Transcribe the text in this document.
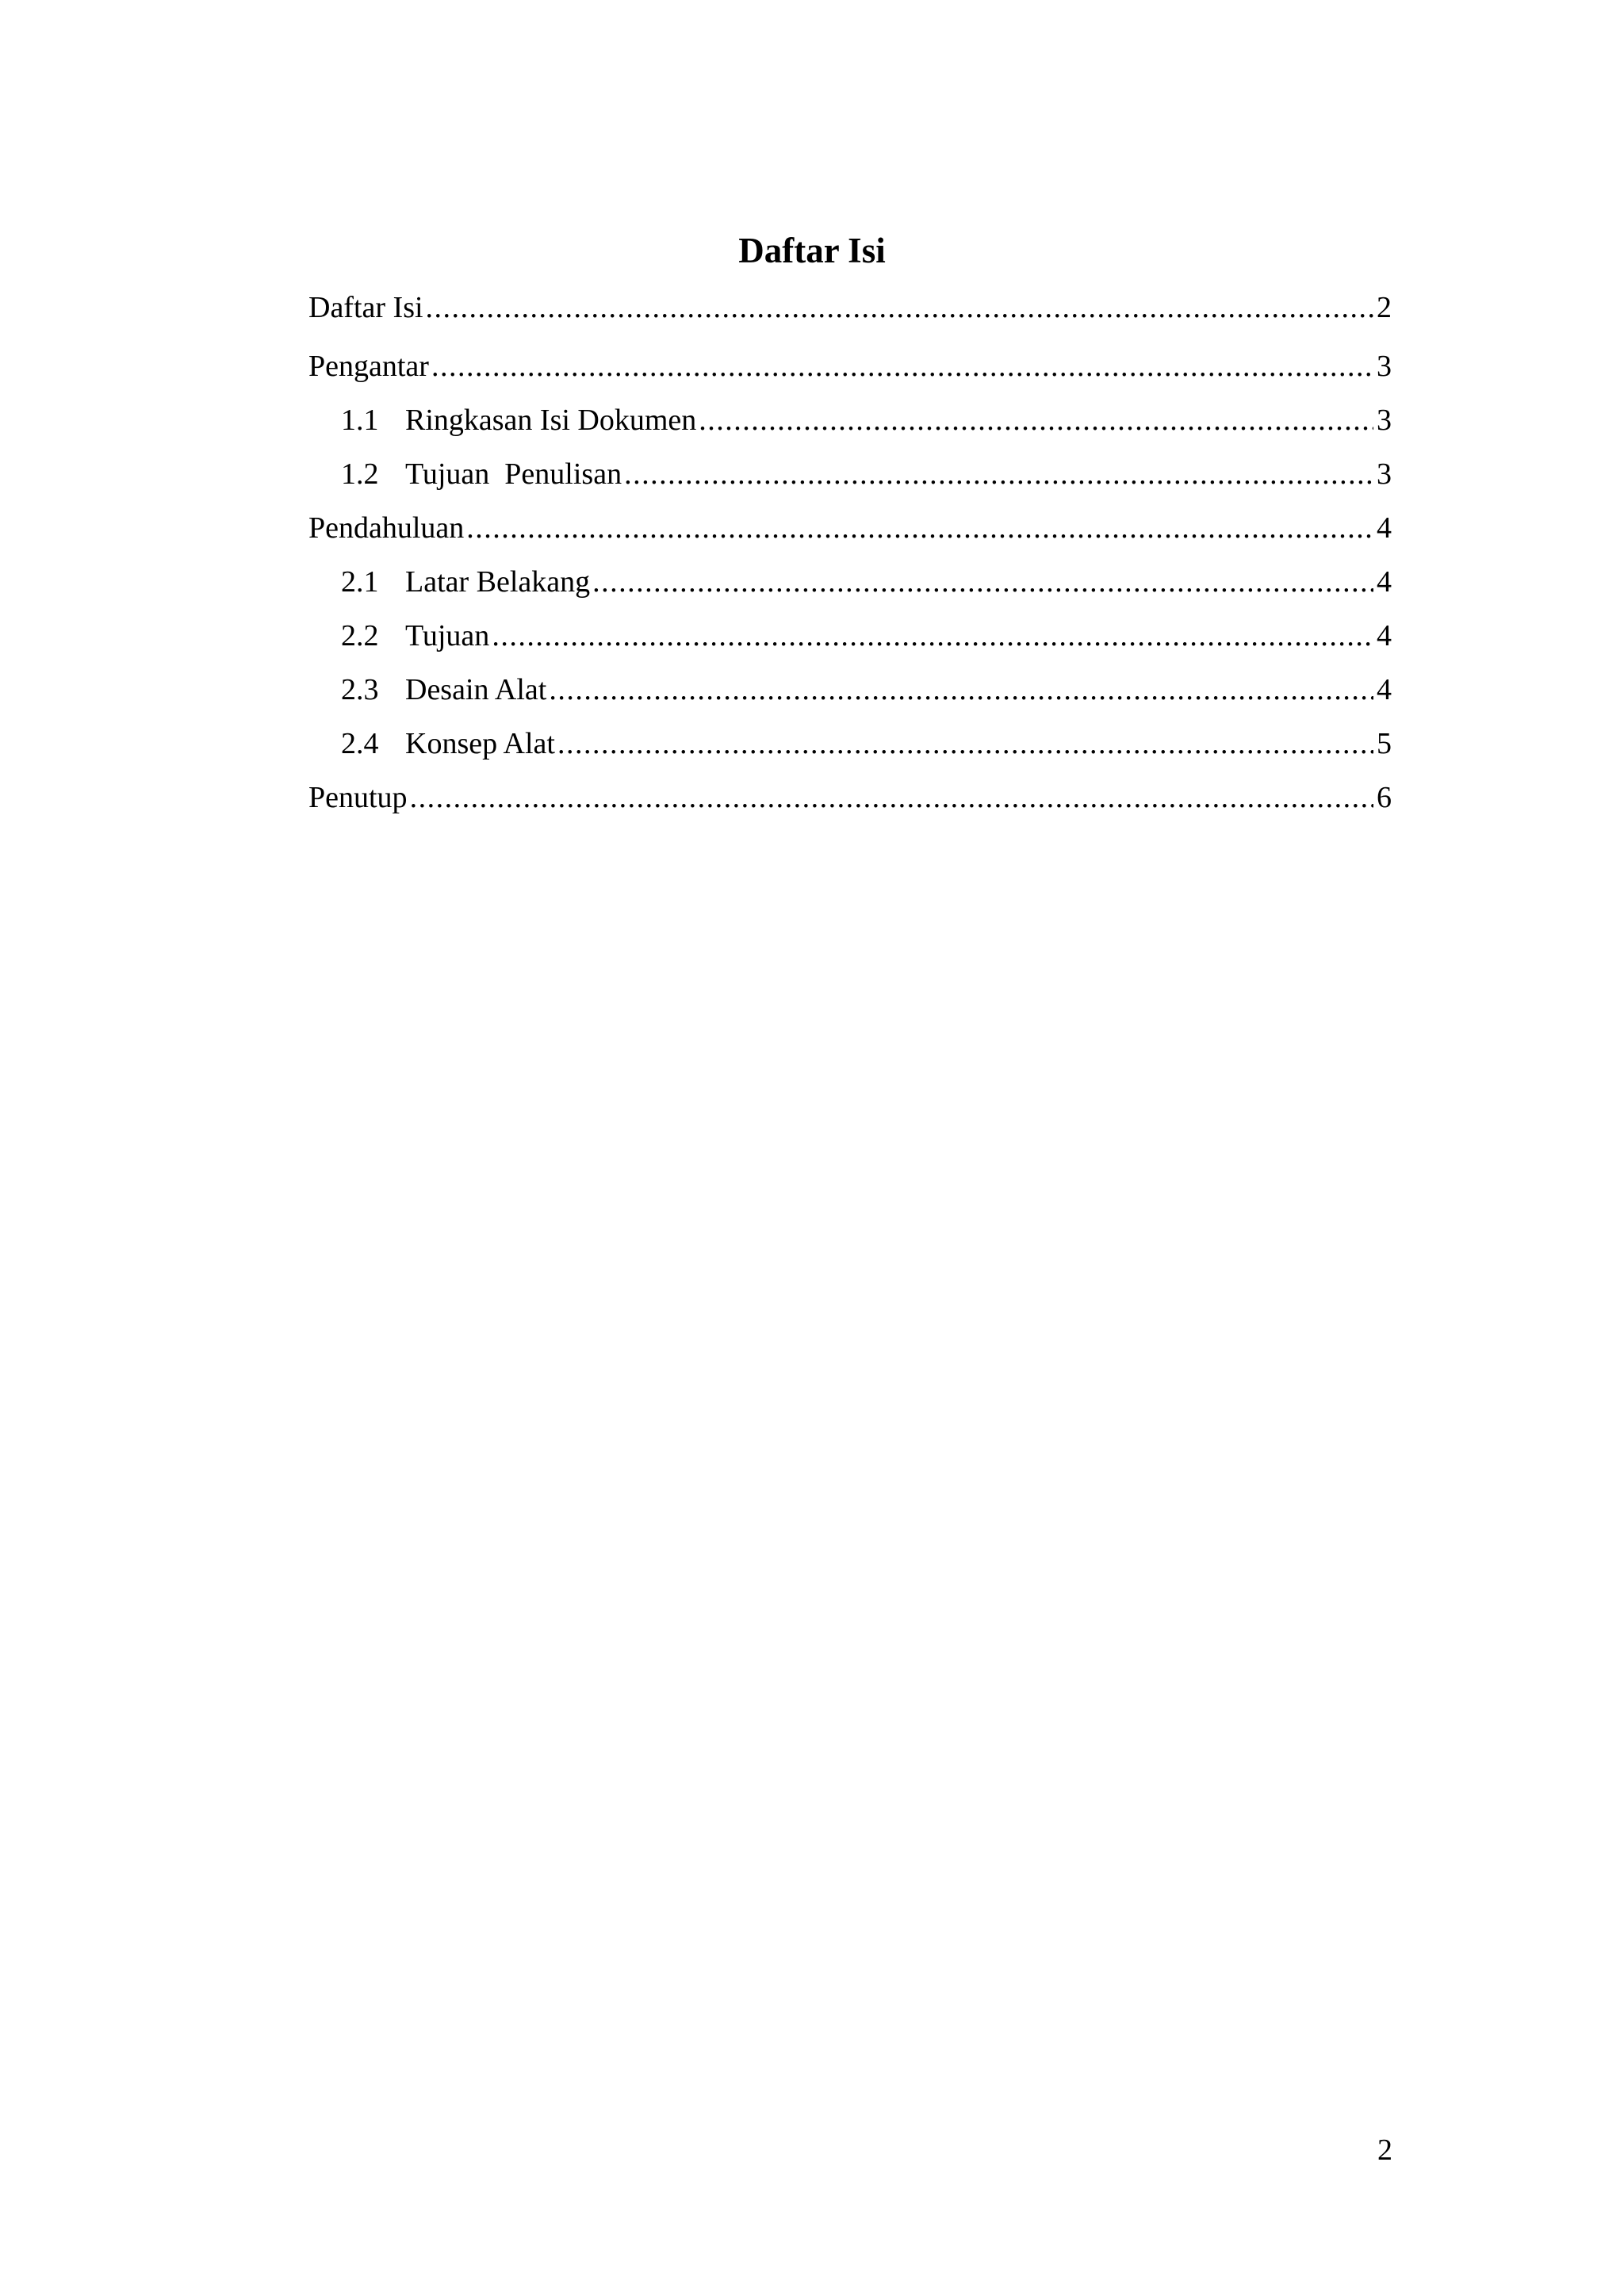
Daftar Isi
Daftar Isi .....	2
Pengantar .....	3
1.1 Ringkasan Isi Dokumen .....	3
1.2 Tujuan  Penulisan .....	3
Pendahuluan .....	4
2.1 Latar Belakang .....	4
2.2 Tujuan .....	4
2.3 Desain Alat .....	4
2.4 Konsep Alat .....	5
Penutup .....	6
2
